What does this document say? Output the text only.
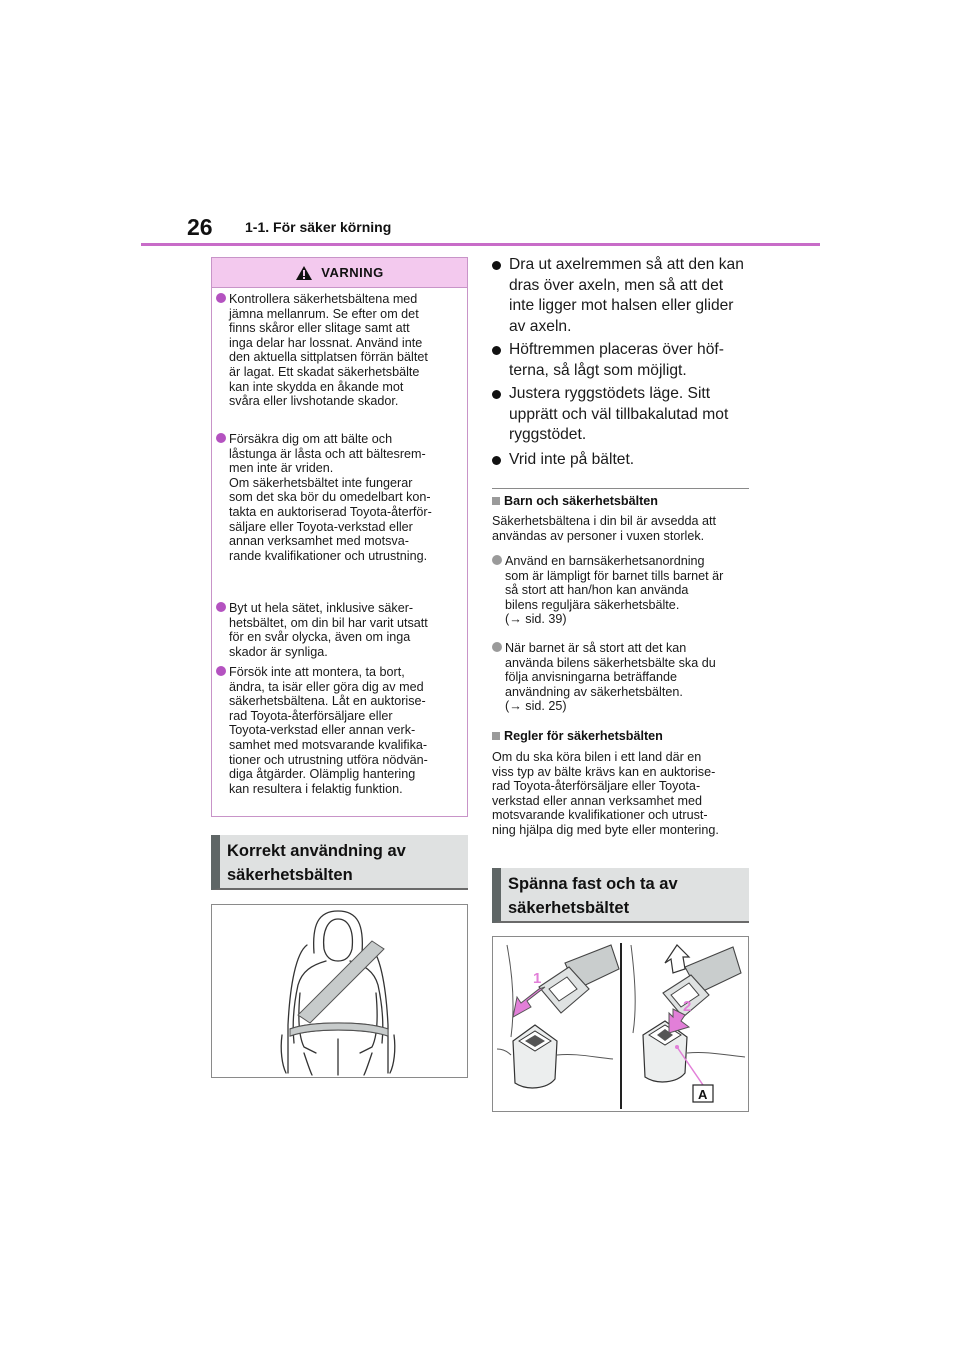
26 1-1. För säker körning
VARNING
Kontrollera säkerhetsbältena med
jämna mellanrum. Se efter om det
finns skåror eller slitage samt att
inga delar har lossnat. Använd inte
den aktuella sittplatsen förrän bältet
är lagat. Ett skadat säkerhetsbälte
kan inte skydda en åkande mot
svåra eller livshotande skador.
Försäkra dig om att bälte och
låstunga är låsta och att bältesrem-
men inte är vriden.
Om säkerhetsbältet inte fungerar
som det ska bör du omedelbart kon-
takta en auktoriserad Toyota-återför-
säljare eller Toyota-verkstad eller
annan verksamhet med motsva-
rande kvalifikationer och utrustning.
Byt ut hela sätet, inklusive säker-
hetsbältet, om din bil har varit utsatt
för en svår olycka, även om inga
skador är synliga.
Försök inte att montera, ta bort,
ändra, ta isär eller göra dig av med
säkerhetsbältena. Låt en auktorise-
rad Toyota-återförsäljare eller
Toyota-verkstad eller annan verk-
samhet med motsvarande kvalifika-
tioner och utrustning utföra nödvän-
diga åtgärder. Olämplig hantering
kan resultera i felaktig funktion.
Korrekt användning av
säkerhetsbälten
Dra ut axelremmen så att den kan
dras över axeln, men så att det
inte ligger mot halsen eller glider
av axeln.
Höftremmen placeras över höf-
terna, så lågt som möjligt.
Justera ryggstödets läge. Sitt
upprätt och väl tillbakalutad mot
ryggstödet.
Vrid inte på bältet.
Barn och säkerhetsbälten
Säkerhetsbältena i din bil är avsedda att
användas av personer i vuxen storlek.
Använd en barnsäkerhetsanordning
som är lämpligt för barnet tills barnet är
så stort att han/hon kan använda
bilens reguljära säkerhetsbälte.
(→ sid. 39)
När barnet är så stort att det kan
använda bilens säkerhetsbälte ska du
följa anvisningarna beträffande
användning av säkerhetsbälten.
(→ sid. 25)
Regler för säkerhetsbälten
Om du ska köra bilen i ett land där en
viss typ av bälte krävs kan en auktorise-
rad Toyota-återförsäljare eller Toyota-
verkstad eller annan verksamhet med
motsvarande kvalifikationer och utrust-
ning hjälpa dig med byte eller montering.
Spänna fast och ta av
säkerhetsbältet
1
2
A
